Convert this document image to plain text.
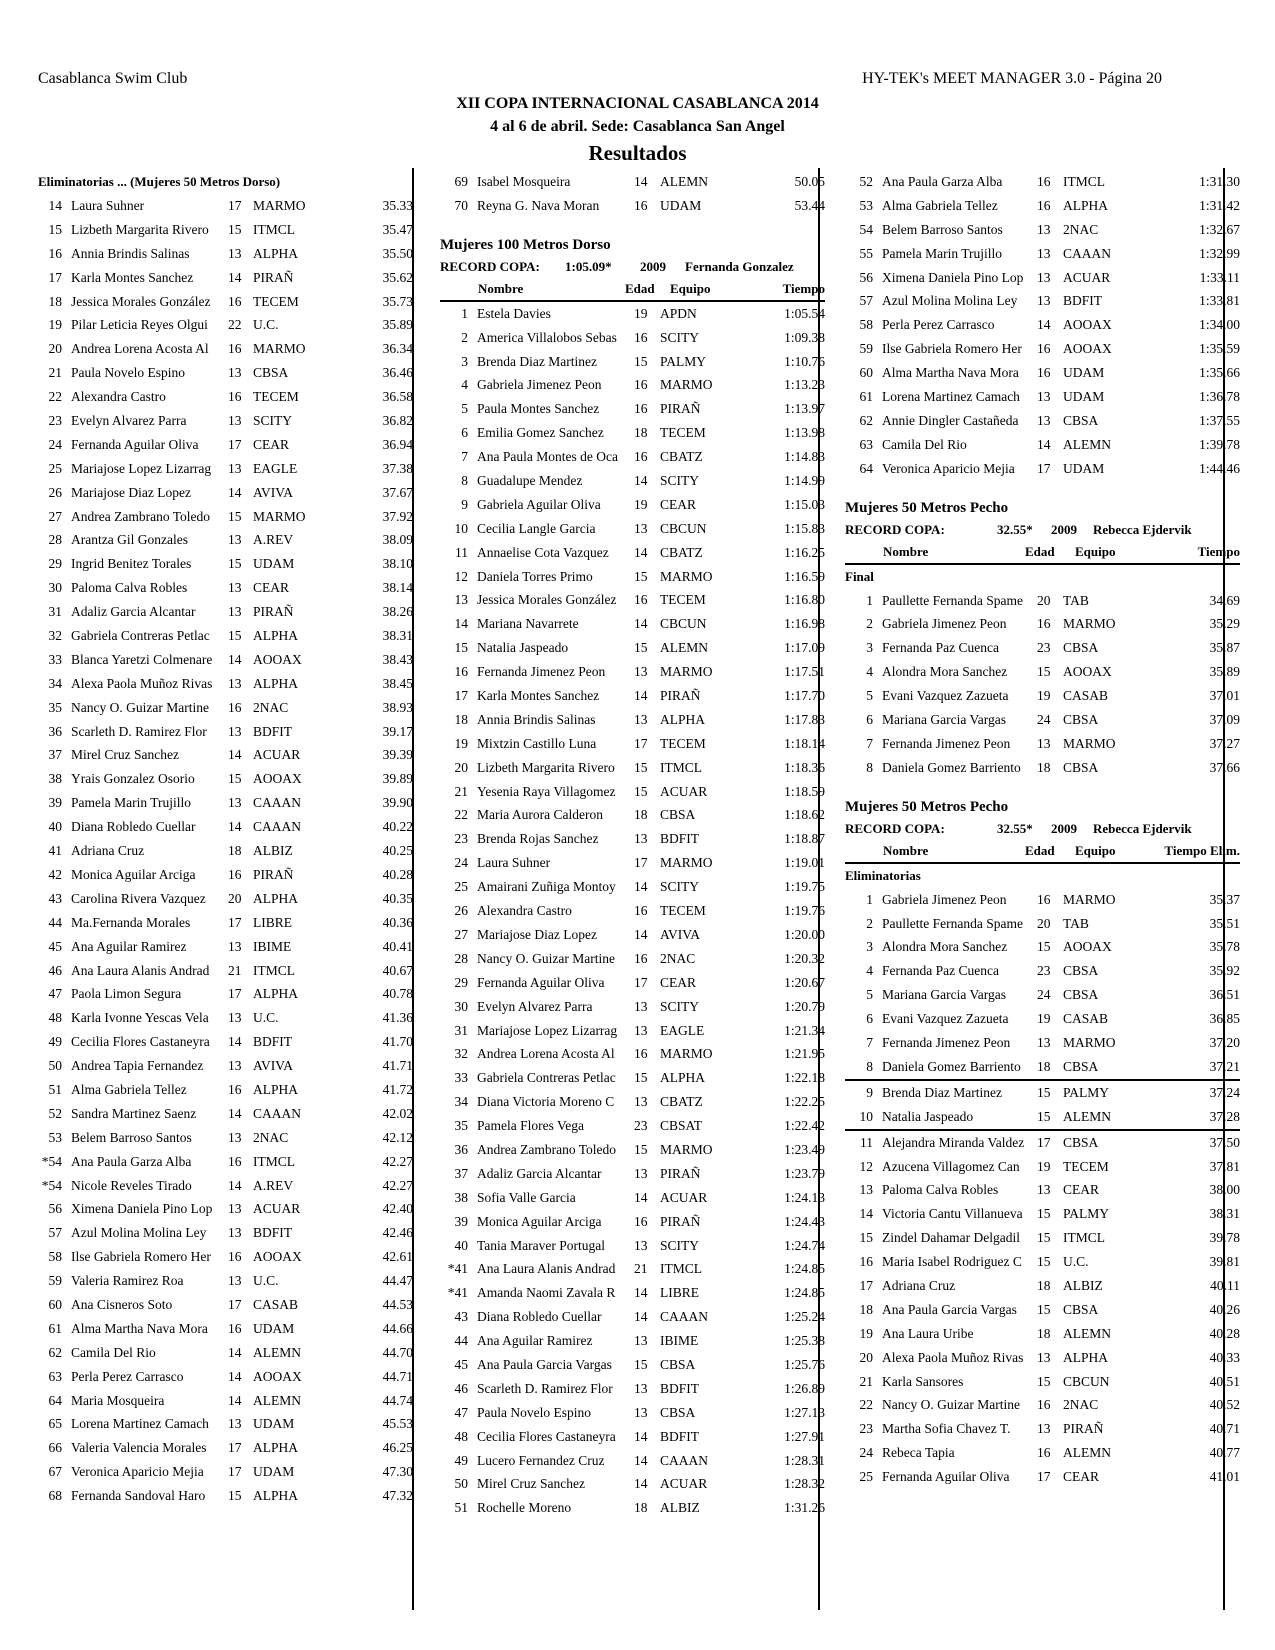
Casablanca Swim Club	HY-TEK's MEET MANAGER 3.0 - Página 20
XII COPA INTERNACIONAL CASABLANCA 2014
4 al 6 de abril. Sede: Casablanca San Angel
Resultados
Eliminatorias ... (Mujeres 50 Metros Dorso)
14 Laura Suhner	17 MARMO	35.33
15 Lizbeth Margarita Rivero	15 ITMCL	35.47
16 Annia Brindis Salinas	13 ALPHA	35.50
17 Karla Montes Sanchez	14 PIRAÑ	35.62
18 Jessica Morales González	16 TECEM	35.73
19 Pilar Leticia Reyes Olgui	22 U.C.	35.89
20 Andrea Lorena Acosta Al	16 MARMO	36.34
21 Paula Novelo Espino	13 CBSA	36.46
22 Alexandra Castro	16 TECEM	36.58
23 Evelyn Alvarez Parra	13 SCITY	36.82
24 Fernanda Aguilar Oliva	17 CEAR	36.94
25 Mariajose Lopez Lizarrag	13 EAGLE	37.38
26 Mariajose Diaz Lopez	14 AVIVA	37.67
27 Andrea Zambrano Toledo	15 MARMO	37.92
28 Arantza Gil Gonzales	13 A.REV	38.09
29 Ingrid Benitez Torales	15 UDAM	38.10
30 Paloma Calva Robles	13 CEAR	38.14
31 Adaliz Garcia Alcantar	13 PIRAÑ	38.26
32 Gabriela Contreras Petlac	15 ALPHA	38.31
33 Blanca Yaretzi Colmenare	14 AOOAX	38.43
34 Alexa Paola Muñoz Rivas	13 ALPHA	38.45
35 Nancy O. Guizar Martine	16 2NAC	38.93
36 Scarleth D. Ramirez Flor	13 BDFIT	39.17
37 Mirel Cruz Sanchez	14 ACUAR	39.39
38 Yrais Gonzalez Osorio	15 AOOAX	39.89
39 Pamela Marin Trujillo	13 CAAAN	39.90
40 Diana Robledo Cuellar	14 CAAAN	40.22
41 Adriana Cruz	18 ALBIZ	40.25
42 Monica Aguilar Arciga	16 PIRAÑ	40.28
43 Carolina Rivera Vazquez	20 ALPHA	40.35
44 Ma.Fernanda Morales	17 LIBRE	40.36
45 Ana Aguilar Ramirez	13 IBIME	40.41
46 Ana Laura Alanis Andrad	21 ITMCL	40.67
47 Paola Limon Segura	17 ALPHA	40.78
48 Karla Ivonne Yescas Vela	13 U.C.	41.36
49 Cecilia Flores Castaneyra	14 BDFIT	41.70
50 Andrea Tapia Fernandez	13 AVIVA	41.71
51 Alma Gabriela Tellez	16 ALPHA	41.72
52 Sandra Martinez Saenz	14 CAAAN	42.02
53 Belem Barroso Santos	13 2NAC	42.12
*54 Ana Paula Garza Alba	16 ITMCL	42.27
*54 Nicole Reveles Tirado	14 A.REV	42.27
56 Ximena Daniela Pino Lop	13 ACUAR	42.40
57 Azul Molina Molina Ley	13 BDFIT	42.46
58 Ilse Gabriela Romero Her	16 AOOAX	42.61
59 Valeria Ramirez Roa	13 U.C.	44.47
60 Ana Cisneros Soto	17 CASAB	44.53
61 Alma Martha Nava Mora	16 UDAM	44.66
62 Camila Del Rio	14 ALEMN	44.70
63 Perla Perez Carrasco	14 AOOAX	44.71
64 Maria Mosqueira	14 ALEMN	44.74
65 Lorena Martinez Camach	13 UDAM	45.53
66 Valeria Valencia Morales	17 ALPHA	46.25
67 Veronica Aparicio Mejia	17 UDAM	47.30
68 Fernanda Sandoval Haro	15 ALPHA	47.32
69 Isabel Mosqueira	14 ALEMN	50.05
70 Reyna G. Nava Moran	16 UDAM	53.44
Mujeres 100 Metros Dorso
RECORD COPA: 1:05.09* 2009 Fernanda Gonzalez
Nombre	Edad Equipo	Tiempo
1 Estela Davies	19 APDN	1:05.54
2 America Villalobos Sebas	16 SCITY	1:09.38
3 Brenda Diaz Martinez	15 PALMY	1:10.76
4 Gabriela Jimenez Peon	16 MARMO	1:13.23
5 Paula Montes Sanchez	16 PIRAÑ	1:13.97
6 Emilia Gomez Sanchez	18 TECEM	1:13.98
7 Ana Paula Montes de Oca	16 CBATZ	1:14.83
8 Guadalupe Mendez	14 SCITY	1:14.99
9 Gabriela Aguilar Oliva	19 CEAR	1:15.03
10 Cecilia Langle Garcia	13 CBCUN	1:15.83
11 Annaelise Cota Vazquez	14 CBATZ	1:16.25
12 Daniela Torres Primo	15 MARMO	1:16.59
13 Jessica Morales González	16 TECEM	1:16.80
14 Mariana Navarrete	14 CBCUN	1:16.98
15 Natalia Jaspeado	15 ALEMN	1:17.09
16 Fernanda Jimenez Peon	13 MARMO	1:17.51
17 Karla Montes Sanchez	14 PIRAÑ	1:17.70
18 Annia Brindis Salinas	13 ALPHA	1:17.83
19 Mixtzin Castillo Luna	17 TECEM	1:18.14
20 Lizbeth Margarita Rivero	15 ITMCL	1:18.36
21 Yesenia Raya Villagomez	15 ACUAR	1:18.59
22 Maria Aurora Calderon	18 CBSA	1:18.62
23 Brenda Rojas Sanchez	13 BDFIT	1:18.87
24 Laura Suhner	17 MARMO	1:19.01
25 Amairani Zuñiga Montoy	14 SCITY	1:19.75
26 Alexandra Castro	16 TECEM	1:19.76
27 Mariajose Diaz Lopez	14 AVIVA	1:20.00
28 Nancy O. Guizar Martine	16 2NAC	1:20.32
29 Fernanda Aguilar Oliva	17 CEAR	1:20.67
30 Evelyn Alvarez Parra	13 SCITY	1:20.79
31 Mariajose Lopez Lizarrag	13 EAGLE	1:21.34
32 Andrea Lorena Acosta Al	16 MARMO	1:21.95
33 Gabriela Contreras Petlac	15 ALPHA	1:22.18
34 Diana Victoria Moreno C	13 CBATZ	1:22.25
35 Pamela Flores Vega	23 CBSAT	1:22.42
36 Andrea Zambrano Toledo	15 MARMO	1:23.49
37 Adaliz Garcia Alcantar	13 PIRAÑ	1:23.79
38 Sofia Valle Garcia	14 ACUAR	1:24.13
39 Monica Aguilar Arciga	16 PIRAÑ	1:24.43
40 Tania Maraver Portugal	13 SCITY	1:24.74
*41 Ana Laura Alanis Andrad	21 ITMCL	1:24.85
*41 Amanda Naomi Zavala R	14 LIBRE	1:24.85
43 Diana Robledo Cuellar	14 CAAAN	1:25.24
44 Ana Aguilar Ramirez	13 IBIME	1:25.38
45 Ana Paula Garcia Vargas	15 CBSA	1:25.76
46 Scarleth D. Ramirez Flor	13 BDFIT	1:26.89
47 Paula Novelo Espino	13 CBSA	1:27.13
48 Cecilia Flores Castaneyra	14 BDFIT	1:27.91
49 Lucero Fernandez Cruz	14 CAAAN	1:28.31
50 Mirel Cruz Sanchez	14 ACUAR	1:28.32
51 Rochelle Moreno	18 ALBIZ	1:31.26
52 Ana Paula Garza Alba	16 ITMCL	1:31.30
53 Alma Gabriela Tellez	16 ALPHA	1:31.42
54 Belem Barroso Santos	13 2NAC	1:32.67
55 Pamela Marin Trujillo	13 CAAAN	1:32.99
56 Ximena Daniela Pino Lop	13 ACUAR	1:33.11
57 Azul Molina Molina Ley	13 BDFIT	1:33.81
58 Perla Perez Carrasco	14 AOOAX	1:34.00
59 Ilse Gabriela Romero Her	16 AOOAX	1:35.59
60 Alma Martha Nava Mora	16 UDAM	1:35.66
61 Lorena Martinez Camach	13 UDAM	1:36.78
62 Annie Dingler Castañeda	13 CBSA	1:37.55
63 Camila Del Rio	14 ALEMN	1:39.78
64 Veronica Aparicio Mejia	17 UDAM	1:44.46
Mujeres 50 Metros Pecho
RECORD COPA:	32.55* 2009 Rebecca Ejdervik
Nombre	Edad Equipo	Tiempo
Final
1 Paullette Fernanda Spame	20 TAB	34.69
2 Gabriela Jimenez Peon	16 MARMO	35.29
3 Fernanda Paz Cuenca	23 CBSA	35.87
4 Alondra Mora Sanchez	15 AOOAX	35.89
5 Evani Vazquez Zazueta	19 CASAB	37.01
6 Mariana Garcia Vargas	24 CBSA	37.09
7 Fernanda Jimenez Peon	13 MARMO	37.27
8 Daniela Gomez Barriento	18 CBSA	37.66
Mujeres 50 Metros Pecho
RECORD COPA:	32.55* 2009 Rebecca Ejdervik
Nombre	Edad Equipo	Tiempo Elim.
Eliminatorias
1 Gabriela Jimenez Peon	16 MARMO	35.37
2 Paullette Fernanda Spame	20 TAB	35.51
3 Alondra Mora Sanchez	15 AOOAX	35.78
4 Fernanda Paz Cuenca	23 CBSA	35.92
5 Mariana Garcia Vargas	24 CBSA	36.51
6 Evani Vazquez Zazueta	19 CASAB	36.85
7 Fernanda Jimenez Peon	13 MARMO	37.20
8 Daniela Gomez Barriento	18 CBSA	37.21
9 Brenda Diaz Martinez	15 PALMY	37.24
10 Natalia Jaspeado	15 ALEMN	37.28
11 Alejandra Miranda Valdez 17 CBSA	37.50
12 Azucena Villagomez Can	19 TECEM	37.81
13 Paloma Calva Robles	13 CEAR	38.00
14 Victoria Cantu Villanueva	15 PALMY	38.31
15 Zindel Dahamar Delgadil	15 ITMCL	39.78
16 Maria Isabel Rodriguez C	15 U.C.	39.81
17 Adriana Cruz	18 ALBIZ	40.11
18 Ana Paula Garcia Vargas	15 CBSA	40.26
19 Ana Laura Uribe	18 ALEMN	40.28
20 Alexa Paola Muñoz Rivas	13 ALPHA	40.33
21 Karla Sansores	15 CBCUN	40.51
22 Nancy O. Guizar Martine	16 2NAC	40.52
23 Martha Sofia Chavez T.	13 PIRAÑ	40.71
24 Rebeca Tapia	16 ALEMN	40.77
25 Fernanda Aguilar Oliva	17 CEAR	41.01
